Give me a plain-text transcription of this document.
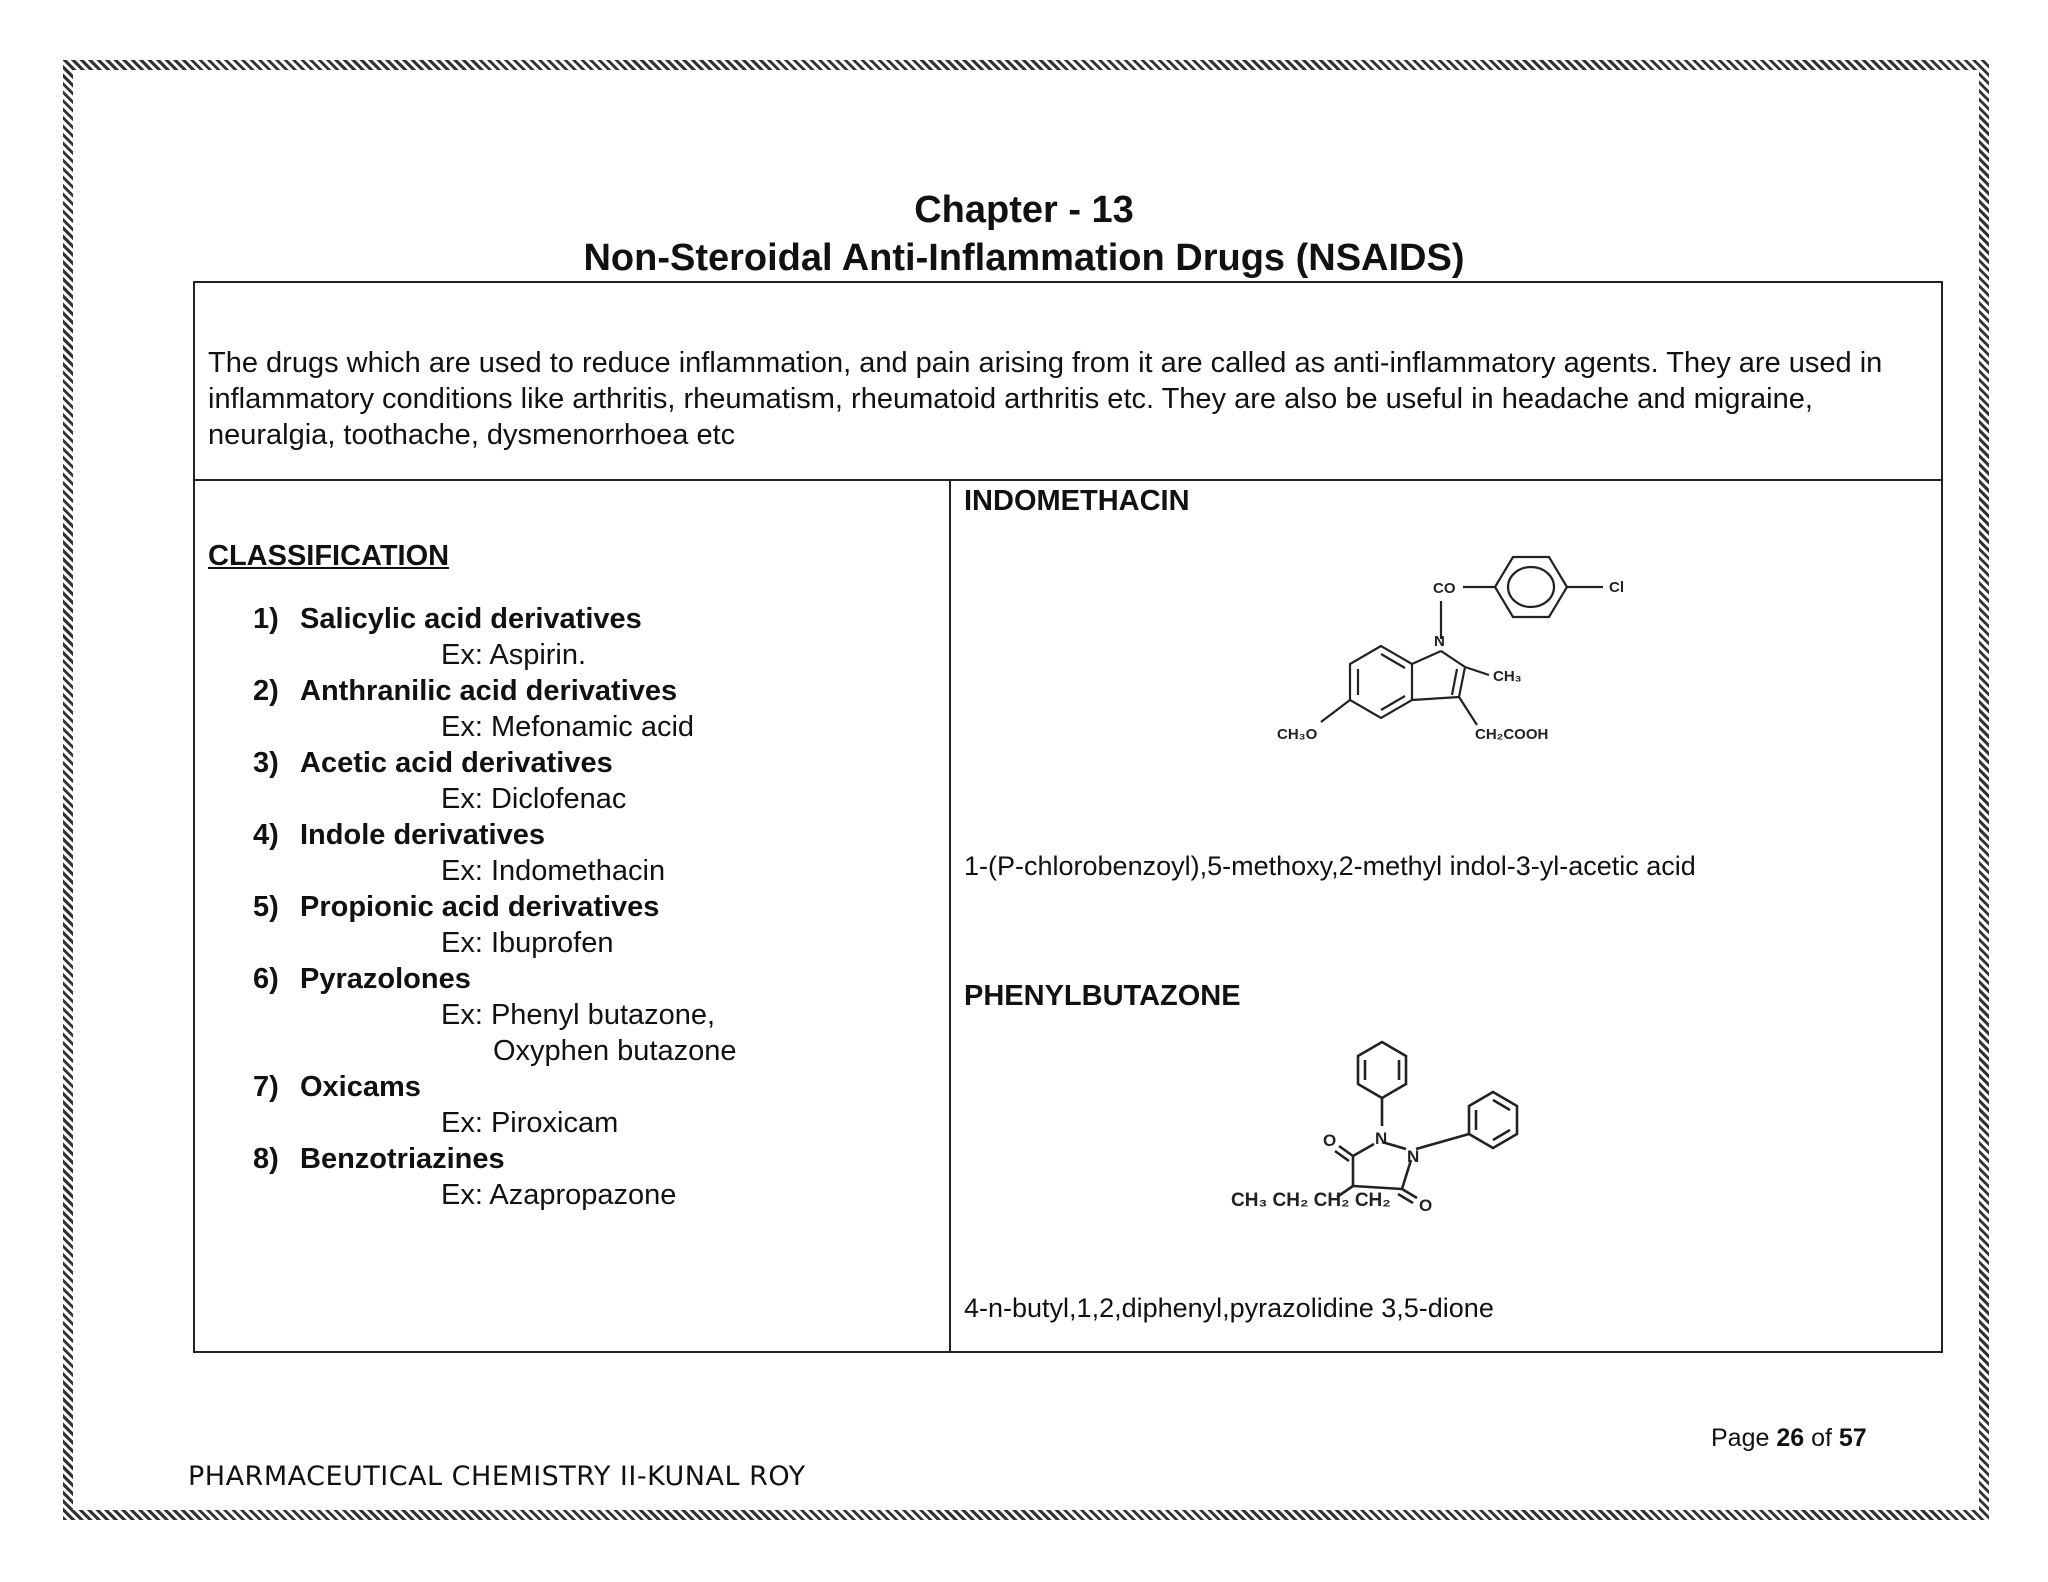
Chapter - 13
Non-Steroidal Anti-Inflammation Drugs (NSAIDS)

The drugs which are used to reduce inflammation, and pain arising from it are called as anti-inflammatory agents. They are used in inflammatory conditions like arthritis, rheumatism, rheumatoid arthritis etc. They are also be useful in headache and migraine, neuralgia, toothache, dysmenorrhoea etc

CLASSIFICATION
1) Salicylic acid derivatives
Ex: Aspirin.
2) Anthranilic acid derivatives
Ex: Mefonamic acid
3) Acetic acid derivatives
Ex: Diclofenac
4) Indole derivatives
Ex: Indomethacin
5) Propionic acid derivatives
Ex: Ibuprofen
6) Pyrazolones
Ex: Phenyl butazone,
Oxyphen butazone
7) Oxicams
Ex: Piroxicam
8) Benzotriazines
Ex: Azapropazone
INDOMETHACIN
CO	Cl
N
CH₃
CH₂COOH
CH₃O
1-(P-chlorobenzoyl),5-methoxy,2-methyl indol-3-yl-acetic acid
PHENYLBUTAZONE
N
N
O
O
CH₃ CH₂ CH₂ CH₂
4-n-butyl,1,2,diphenyl,pyrazolidine 3,5-dione
Page 26 of 57
PHARMACEUTICAL CHEMISTRY II-KUNAL ROY
